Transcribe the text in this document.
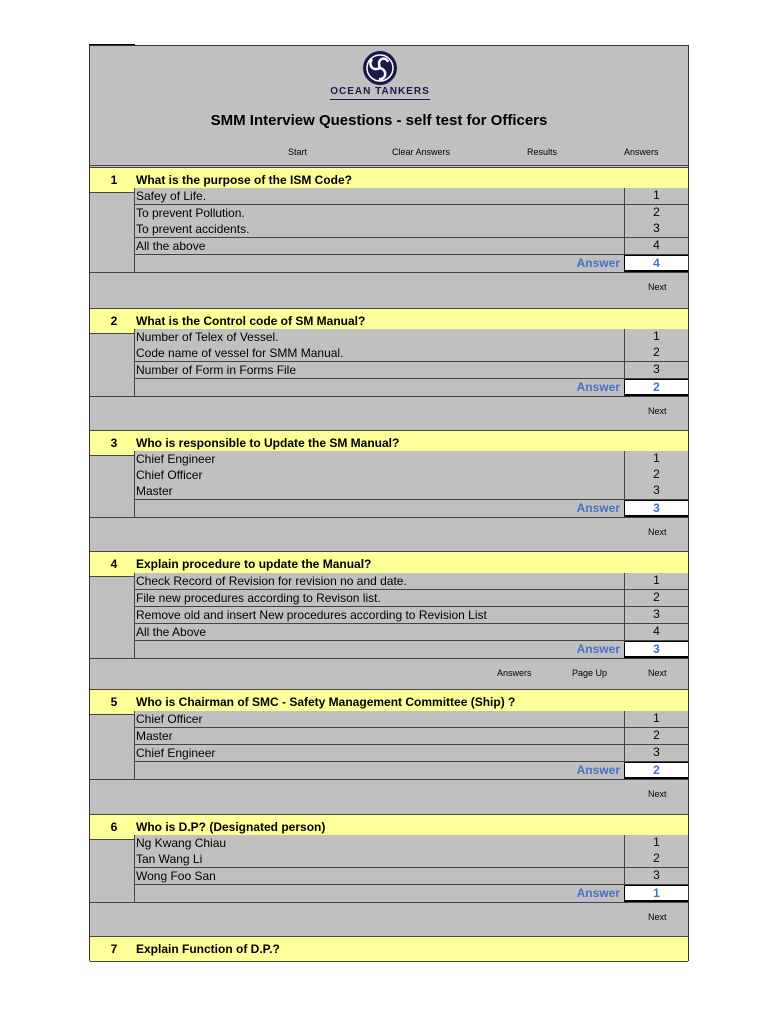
OCEAN TANKERS
SMM Interview Questions - self test for Officers
Start	Clear Answers	Results	Answers
1 What is the purpose of the ISM Code?
Safey of Life.	1
To prevent Pollution.	2
To prevent accidents.	3
All the above	4
Answer	4
Next
2 What is the Control code of SM Manual?
Number of Telex of Vessel.	1
Code name of vessel for SMM Manual.	2
Number of Form in Forms File	3
Answer	2
Next
3 Who is responsible to Update the SM Manual?
Chief Engineer	1
Chief Officer	2
Master	3
Answer	3
Next
4 Explain procedure to update the Manual?
Check Record of Revision for revision no and date.	1
File new procedures according to Revison list.	2
Remove old and insert New procedures according to Revision List	3
All the Above	4
Answer	3
Next
Answers	Page Up
5 Who is Chairman of SMC - Safety Management Committee (Ship) ?
Chief Officer	1
Master	2
Chief Engineer	3
Answer	2
Next
6 Who is D.P? (Designated person)
Ng Kwang Chiau	1
Tan Wang Li	2
Wong Foo San	3
Answer	1
Next
7 Explain Function of D.P.?
